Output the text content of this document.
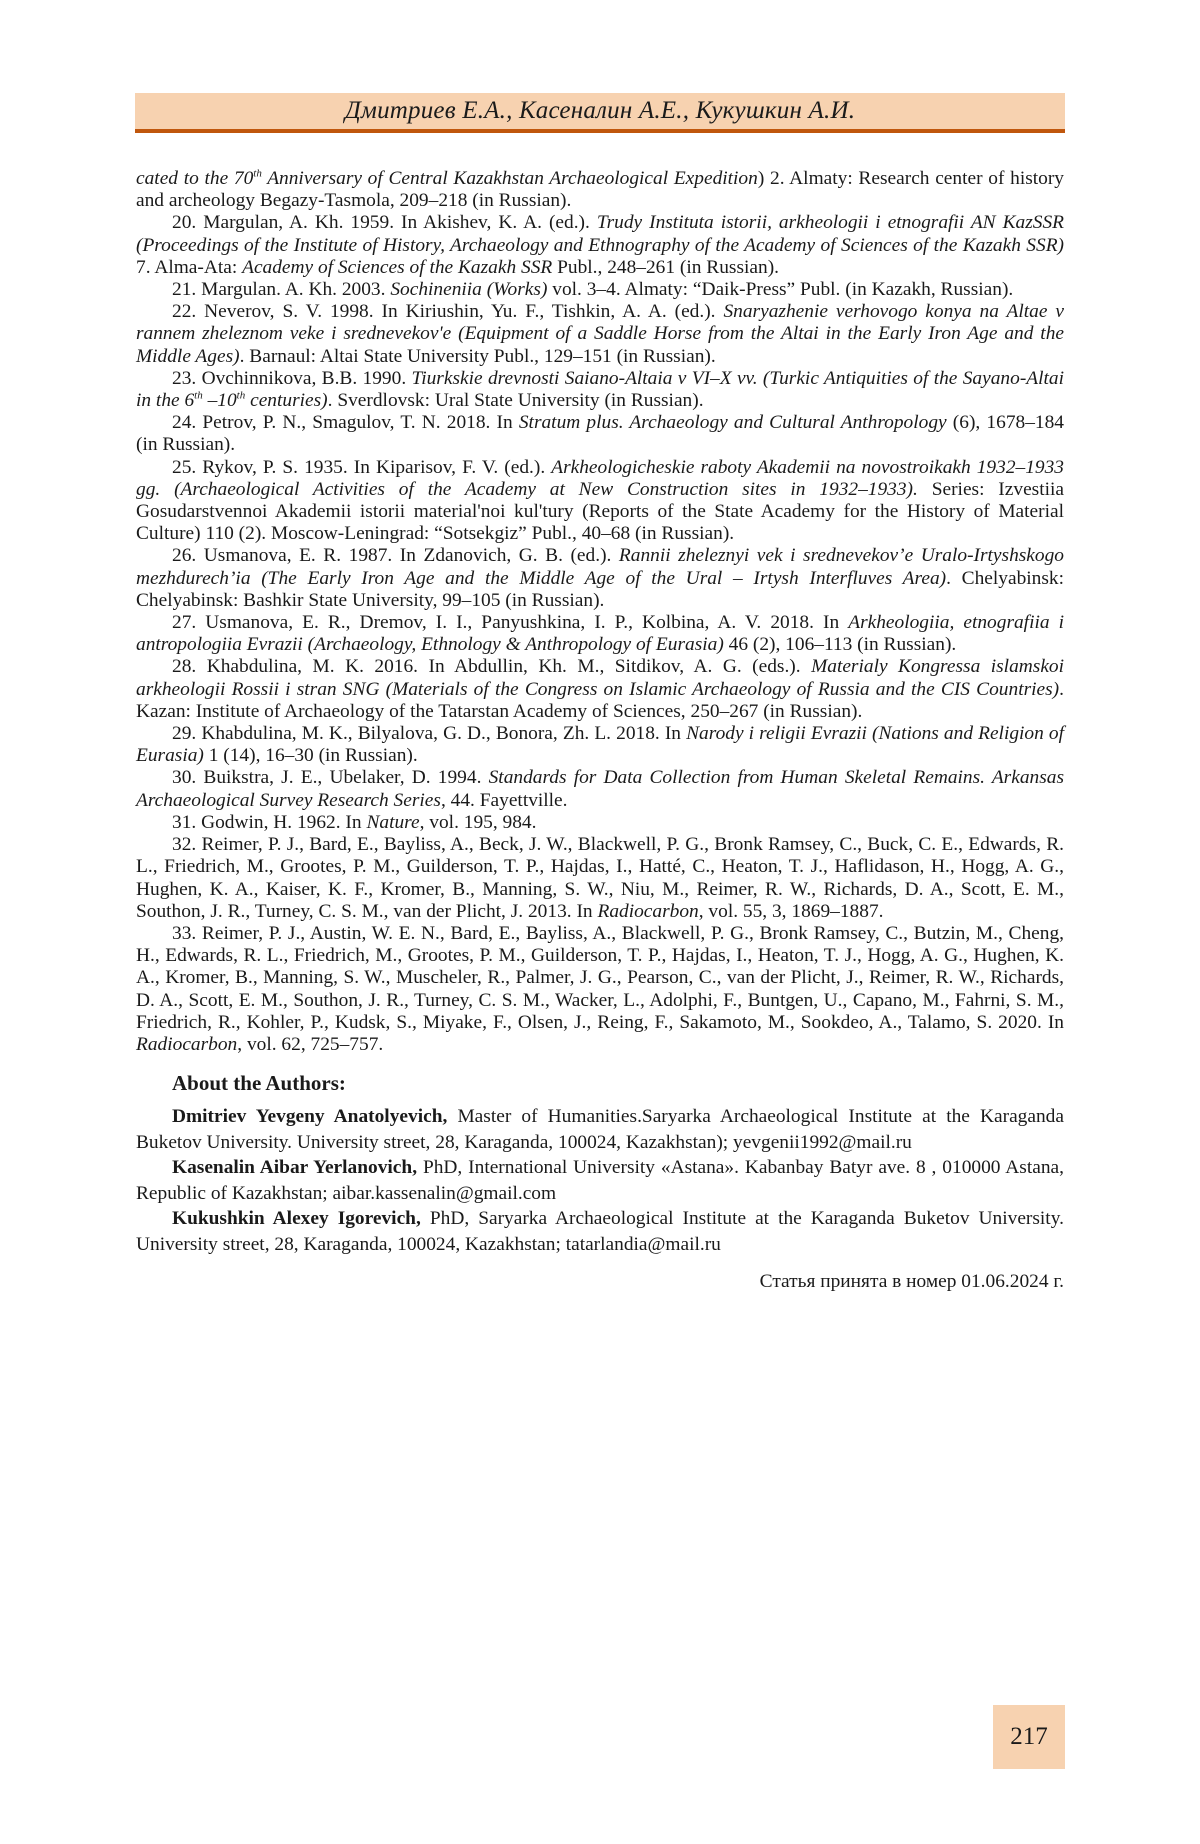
Дмитриев Е.А., Касеналин А.Е., Кукушкин А.И.

cated to the 70th Anniversary of Central Kazakhstan Archaeological Expedition) 2. Almaty: Research center of history and archeology Begazy-Tasmola, 209–218 (in Russian).

20. Margulan, A. Kh. 1959. In Akishev, K. A. (ed.). Trudy Instituta istorii, arkheologii i etnografii AN KazSSR (Proceedings of the Institute of History, Archaeology and Ethnography of the Academy of Sciences of the Kazakh SSR) 7. Alma-Ata: Academy of Sciences of the Kazakh SSR Publ., 248–261 (in Russian).

21. Margulan. A. Kh. 2003. Sochineniia (Works) vol. 3–4. Almaty: “Daik-Press” Publ. (in Kazakh, Russian).

22. Neverov, S. V. 1998. In Kiriushin, Yu. F., Tishkin, A. A. (ed.). Snaryazhenie verhovogo konya na Altae v rannem zheleznom veke i srednevekov'e (Equipment of a Saddle Horse from the Altai in the Early Iron Age and the Middle Ages). Barnaul: Altai State University Publ., 129–151 (in Russian).

23. Ovchinnikova, B.B. 1990. Tiurkskie drevnosti Saiano-Altaia v VI–X vv. (Turkic Antiquities of the Sayano-Altai in the 6th –10th centuries). Sverdlovsk: Ural State University (in Russian).

24. Petrov, P. N., Smagulov, T. N. 2018. In Stratum plus. Archaeology and Cultural Anthropology (6), 1678–184 (in Russian).

25. Rykov, P. S. 1935. In Kiparisov, F. V. (ed.). Arkheologicheskie raboty Akademii na novostroikakh 1932–1933 gg. (Archaeological Activities of the Academy at New Construction sites in 1932–1933). Series: Izvestiia Gosudarstvennoi Akademii istorii material'noi kul'tury (Reports of the State Academy for the History of Material Culture) 110 (2). Moscow-Leningrad: “Sotsekgiz” Publ., 40–68 (in Russian).

26. Usmanova, E. R. 1987. In Zdanovich, G. B. (ed.). Rannii zheleznyi vek i srednevekov’e Uralo-Irtyshskogo mezhdurech’ia (The Early Iron Age and the Middle Age of the Ural – Irtysh Interfluves Area). Chelyabinsk: Chelyabinsk: Bashkir State University, 99–105 (in Russian).

27. Usmanova, E. R., Dremov, I. I., Panyushkina, I. P., Kolbina, A. V. 2018. In Arkheologiia, etnografiia i antropologiia Evrazii (Archaeology, Ethnology & Anthropology of Eurasia) 46 (2), 106–113 (in Russian).

28. Khabdulina, M. K. 2016. In Abdullin, Kh. M., Sitdikov, A. G. (eds.). Materialy Kongressa islamskoi arkheologii Rossii i stran SNG (Materials of the Congress on Islamic Archaeology of Russia and the CIS Countries). Kazan: Institute of Archaeology of the Tatarstan Academy of Sciences, 250–267 (in Russian).

29. Khabdulina, M. K., Bilyalova, G. D., Bonora, Zh. L. 2018. In Narody i religii Evrazii (Nations and Religion of Eurasia) 1 (14), 16–30 (in Russian).

30. Buikstra, J. E., Ubelaker, D. 1994. Standards for Data Collection from Human Skeletal Remains. Arkansas Archaeological Survey Research Series, 44. Fayettville.

31. Godwin, H. 1962. In Nature, vol. 195, 984.

32. Reimer, P. J., Bard, E., Bayliss, A., Beck, J. W., Blackwell, P. G., Bronk Ramsey, C., Buck, C. E., Edwards, R. L., Friedrich, M., Grootes, P. M., Guilderson, T. P., Hajdas, I., Hatté, C., Heaton, T. J., Haflidason, H., Hogg, A. G., Hughen, K. A., Kaiser, K. F., Kromer, B., Manning, S. W., Niu, M., Reimer, R. W., Richards, D. A., Scott, E. M., Southon, J. R., Turney, C. S. M., van der Plicht, J. 2013. In Radiocarbon, vol. 55, 3, 1869–1887.

33. Reimer, P. J., Austin, W. E. N., Bard, E., Bayliss, A., Blackwell, P. G., Bronk Ramsey, C., Butzin, M., Cheng, H., Edwards, R. L., Friedrich, M., Grootes, P. M., Guilderson, T. P., Hajdas, I., Heaton, T. J., Hogg, A. G., Hughen, K. A., Kromer, B., Manning, S. W., Muscheler, R., Palmer, J. G., Pearson, C., van der Plicht, J., Reimer, R. W., Richards, D. A., Scott, E. M., Southon, J. R., Turney, C. S. M., Wacker, L., Adolphi, F., Buntgen, U., Capano, M., Fahrni, S. M., Friedrich, R., Kohler, P., Kudsk, S., Miyake, F., Olsen, J., Reing, F., Sakamoto, M., Sookdeo, A., Talamo, S. 2020. In Radiocarbon, vol. 62, 725–757.

About the Authors:

Dmitriev Yevgeny Anatolyevich, Master of Humanities.Saryarka Archaeological Institute at the Karaganda Buketov University. University street, 28, Karaganda, 100024, Kazakhstan); yevgenii1992@mail.ru

Kasenalin Aibar Yerlanovich, PhD, International University «Astana». Kabanbay Batyr ave. 8 , 010000 Astana, Republic of Kazakhstan; aibar.kassenalin@gmail.com

Kukushkin Alexey Igorevich, PhD, Saryarka Archaeological Institute at the Karaganda Buketov University. University street, 28, Karaganda, 100024, Kazakhstan; tatarlandia@mail.ru

Статья принята в номер 01.06.2024 г.
217
